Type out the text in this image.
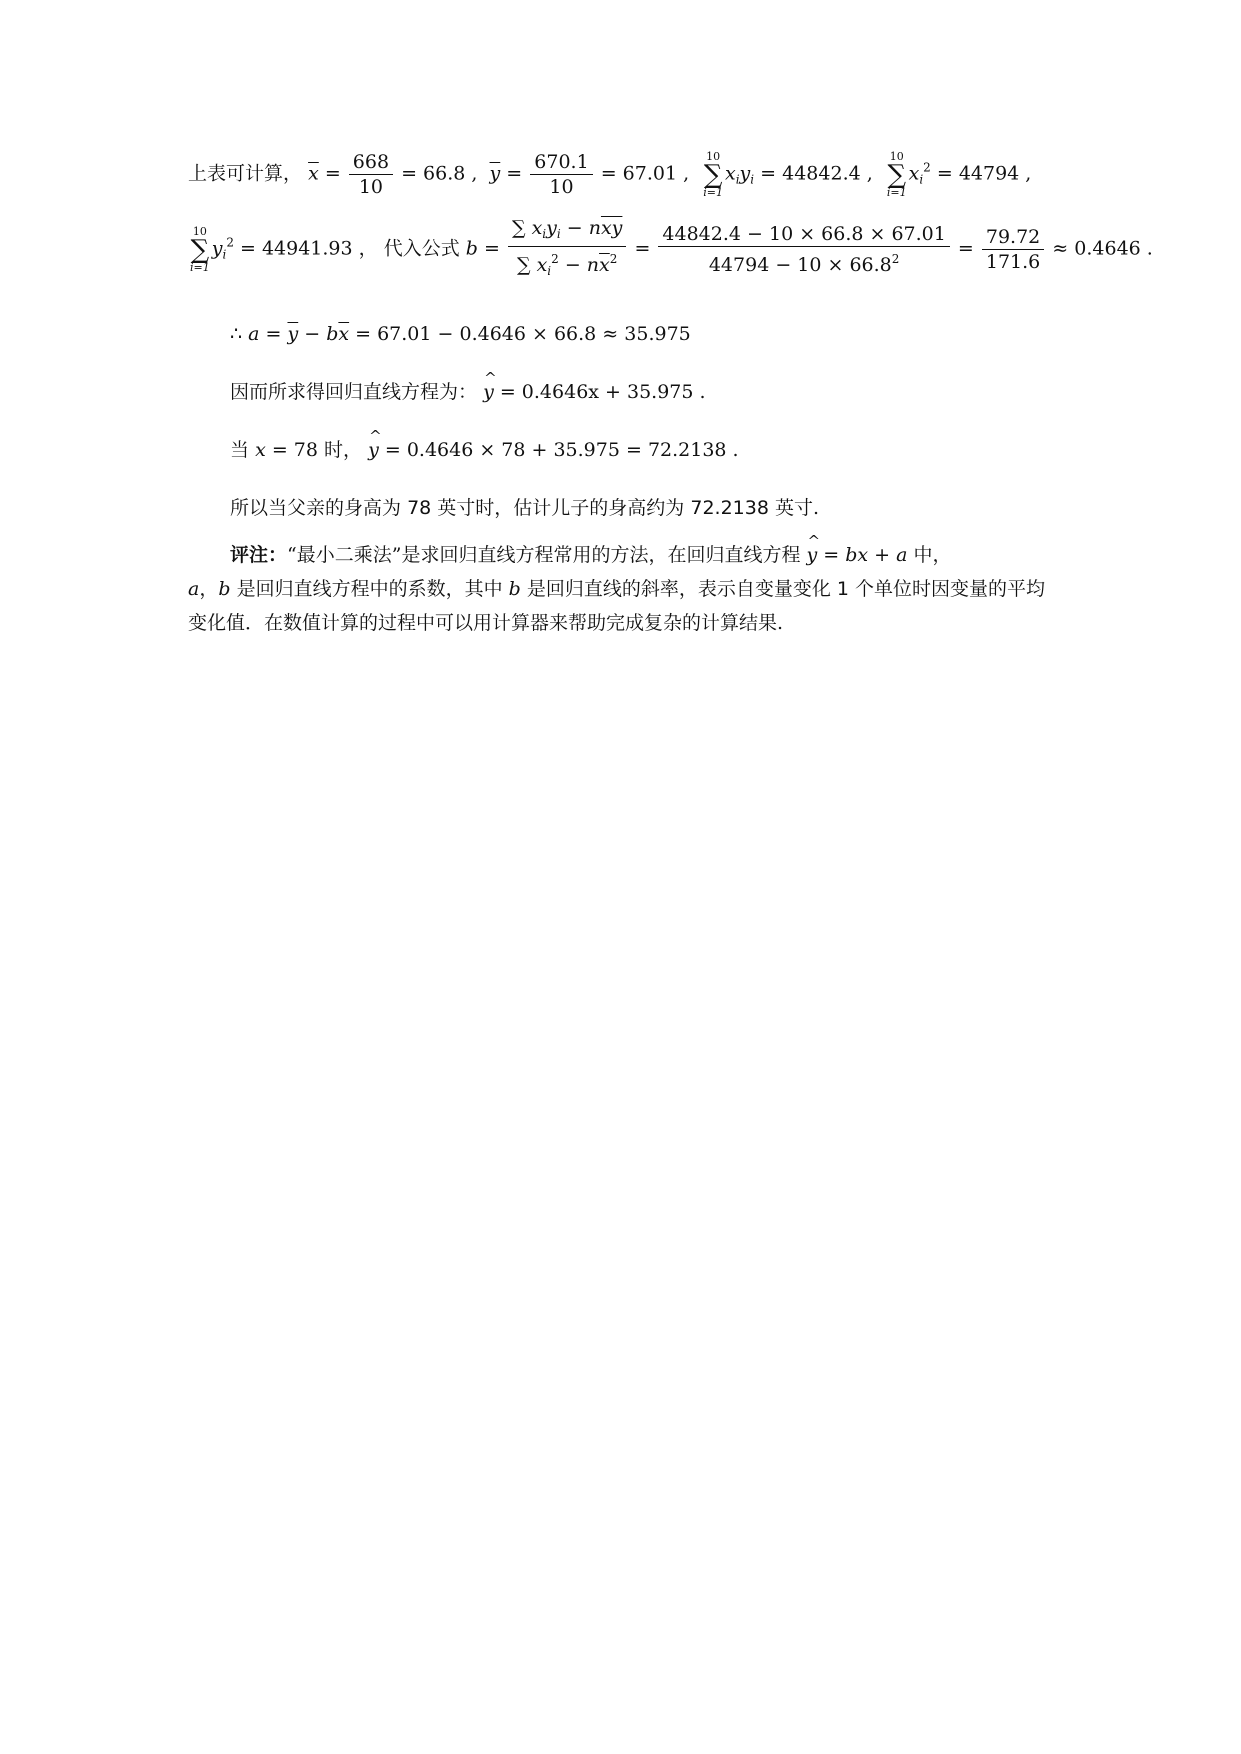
上表可计算， $\overline{x} = \frac{668}{10} = 66.8$ ,  $\overline{y} = \frac{670.1}{10} = 67.01$ ,
10
∑
i=1
$x_iy_i = 44842.4$ ,
10
∑
i=1
$x_i^2 = 44794$ ,
10
∑
i=1
$y_i^2 = 44941.93$ ， 代入公式 $b = \frac{\sum x_iy_i - n\overline{xy}}{\sum x_i^2 - n\overline{x}^2} = \frac{44842.4 - 10 \times 66.8 \times 67.01}{44794 - 10 \times 66.8^2} = \frac{79.72}{171.6} \approx 0.4646$ .
∴ $a = \overline{y} - b\overline{x} = 67.01 - 0.4646 \times 66.8 \approx 35.975$
因而所求得回归直线方程为： ^ y = 0.4646x + 35.975 .
当 x = 78 时， ^ y = 0.4646 × 78 + 35.975 = 72.2138 .
所以当父亲的身高为 78 英寸时，估计儿子的身高约为 72.2138 英寸.
评注：“最小二乘法”是求回归直线方程常用的方法，在回归直线方程 ^ y = bx + a 中，
a，b 是回归直线方程中的系数，其中 b 是回归直线的斜率，表示自变量变化 1 个单位时因变量的平均变化值．在数值计算的过程中可以用计算器来帮助完成复杂的计算结果.
